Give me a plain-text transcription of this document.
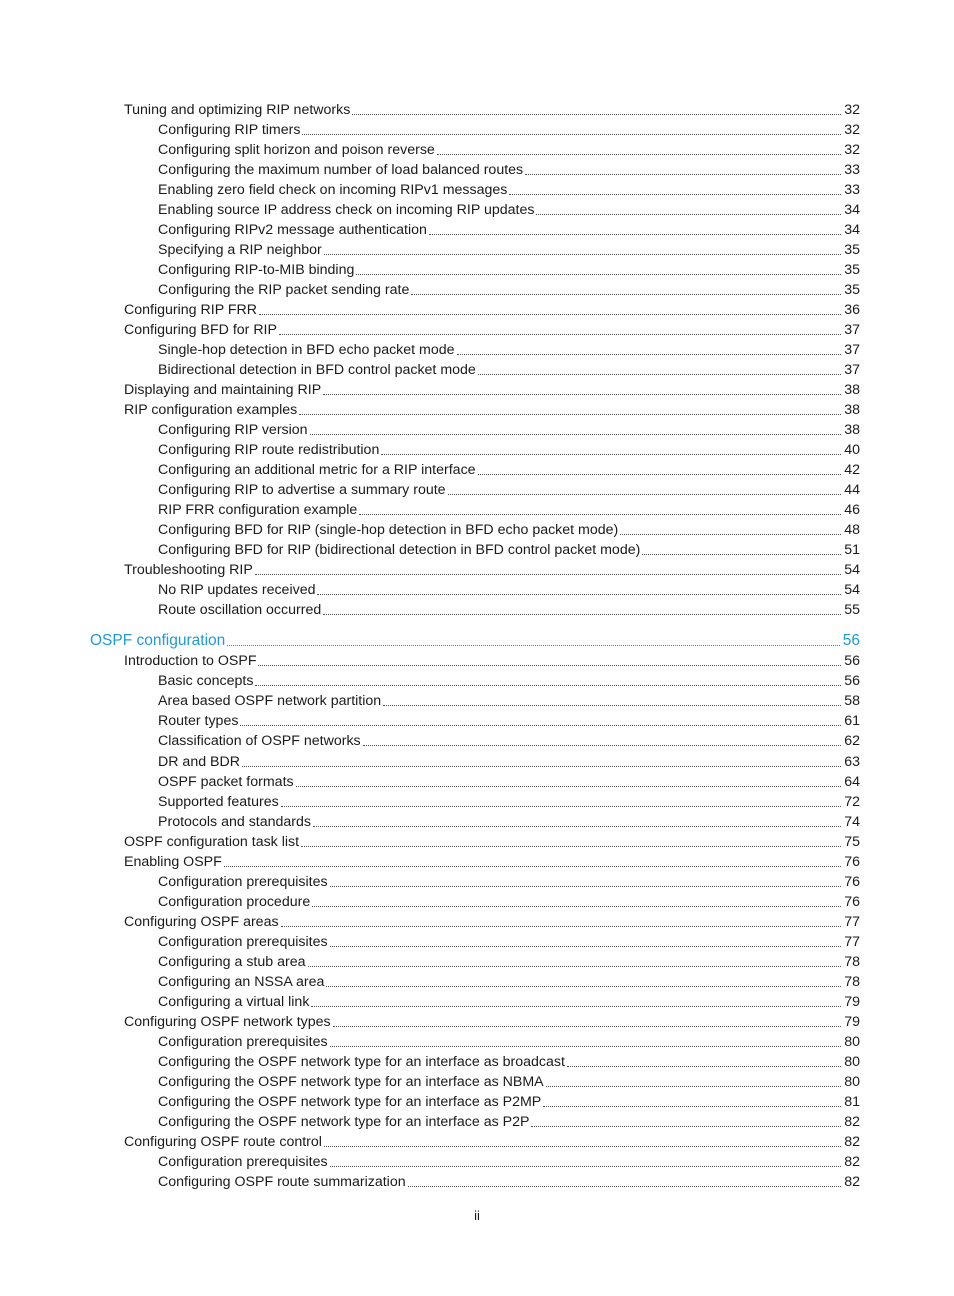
Tuning and optimizing RIP networks	32
Configuring RIP timers	32
Configuring split horizon and poison reverse	32
Configuring the maximum number of load balanced routes	33
Enabling zero field check on incoming RIPv1 messages	33
Enabling source IP address check on incoming RIP updates	34
Configuring RIPv2 message authentication	34
Specifying a RIP neighbor	35
Configuring RIP-to-MIB binding	35
Configuring the RIP packet sending rate	35
Configuring RIP FRR	36
Configuring BFD for RIP	37
Single-hop detection in BFD echo packet mode	37
Bidirectional detection in BFD control packet mode	37
Displaying and maintaining RIP	38
RIP configuration examples	38
Configuring RIP version	38
Configuring RIP route redistribution	40
Configuring an additional metric for a RIP interface	42
Configuring RIP to advertise a summary route	44
RIP FRR configuration example	46
Configuring BFD for RIP (single-hop detection in BFD echo packet mode)	48
Configuring BFD for RIP (bidirectional detection in BFD control packet mode)	51
Troubleshooting RIP	54
No RIP updates received	54
Route oscillation occurred	55
OSPF configuration	56
Introduction to OSPF	56
Basic concepts	56
Area based OSPF network partition	58
Router types	61
Classification of OSPF networks	62
DR and BDR	63
OSPF packet formats	64
Supported features	72
Protocols and standards	74
OSPF configuration task list	75
Enabling OSPF	76
Configuration prerequisites	76
Configuration procedure	76
Configuring OSPF areas	77
Configuration prerequisites	77
Configuring a stub area	78
Configuring an NSSA area	78
Configuring a virtual link	79
Configuring OSPF network types	79
Configuration prerequisites	80
Configuring the OSPF network type for an interface as broadcast	80
Configuring the OSPF network type for an interface as NBMA	80
Configuring the OSPF network type for an interface as P2MP	81
Configuring the OSPF network type for an interface as P2P	82
Configuring OSPF route control	82
Configuration prerequisites	82
Configuring OSPF route summarization	82
ii
